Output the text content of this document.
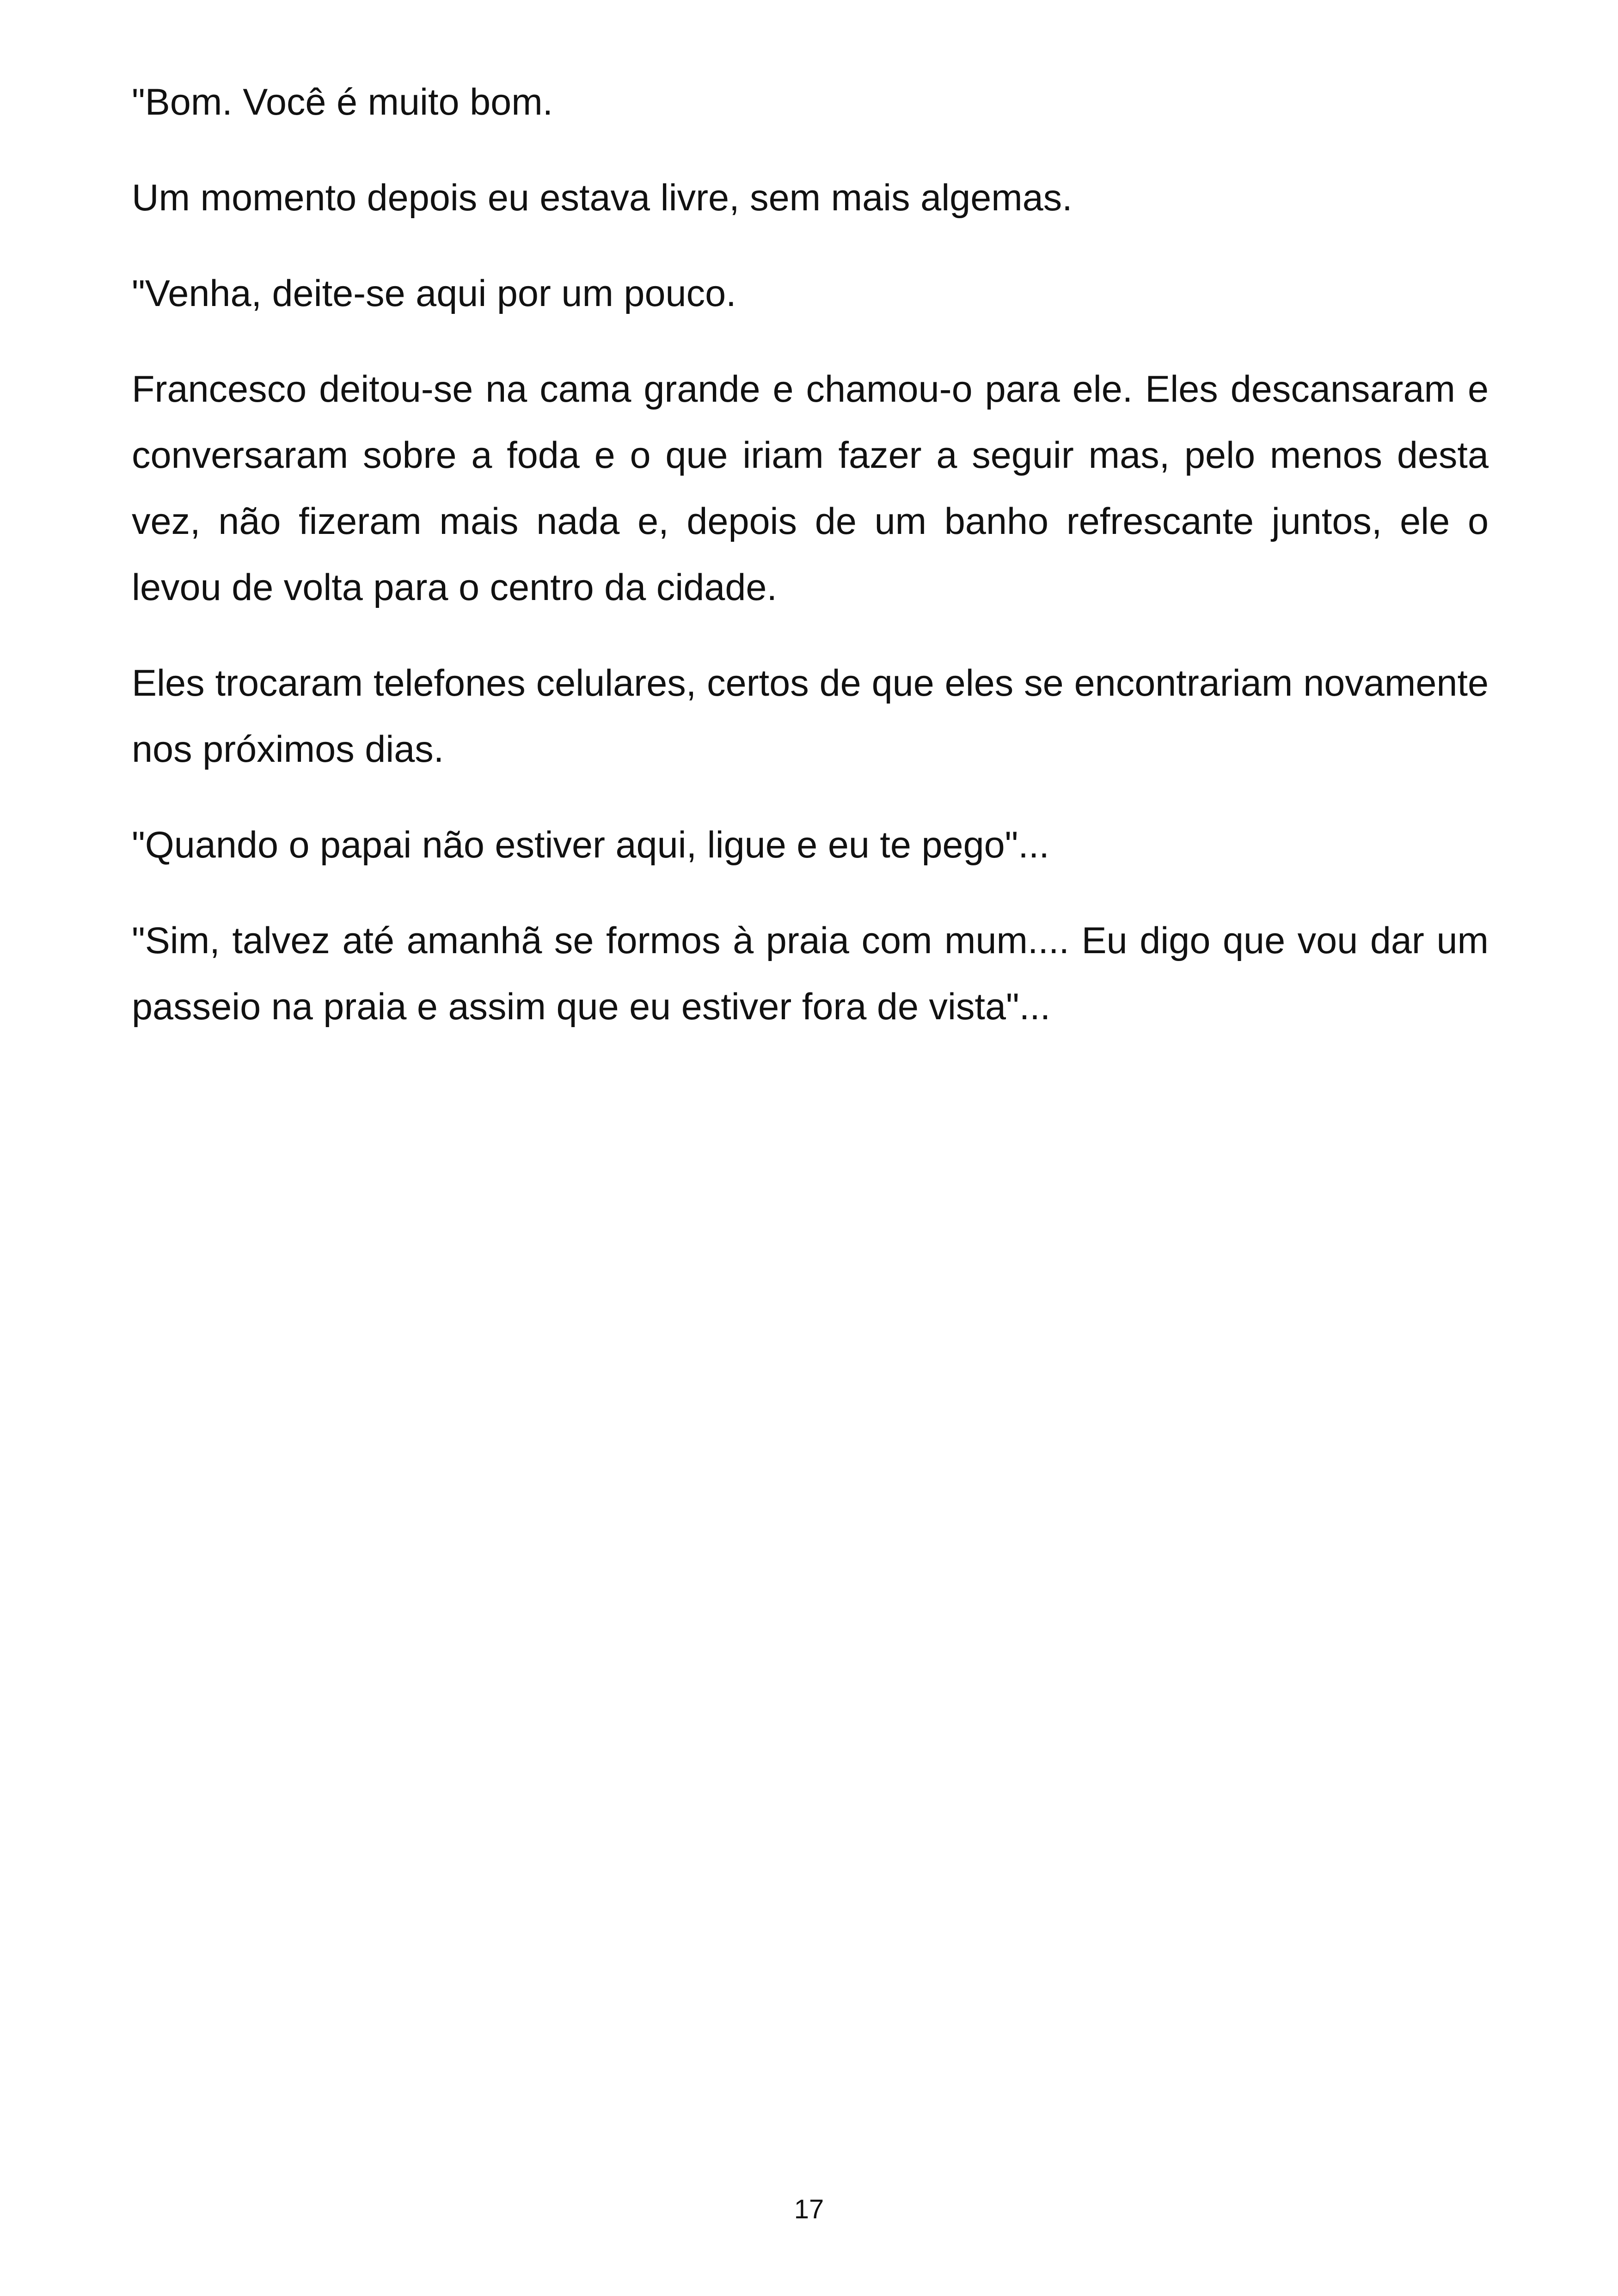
"Bom. Você é muito bom.

Um momento depois eu estava livre, sem mais algemas.

"Venha, deite-se aqui por um pouco.

Francesco deitou-se na cama grande e chamou-o para ele. Eles descansaram e conversaram sobre a foda e o que iriam fazer a seguir mas, pelo menos desta vez, não fizeram mais nada e, depois de um banho refrescante juntos, ele o levou de volta para o centro da cidade.

Eles trocaram telefones celulares, certos de que eles se encontrariam novamente nos próximos dias.

"Quando o papai não estiver aqui, ligue e eu te pego"...

"Sim, talvez até amanhã se formos à praia com mum.... Eu digo que vou dar um passeio na praia e assim que eu estiver fora de vista"...

17
